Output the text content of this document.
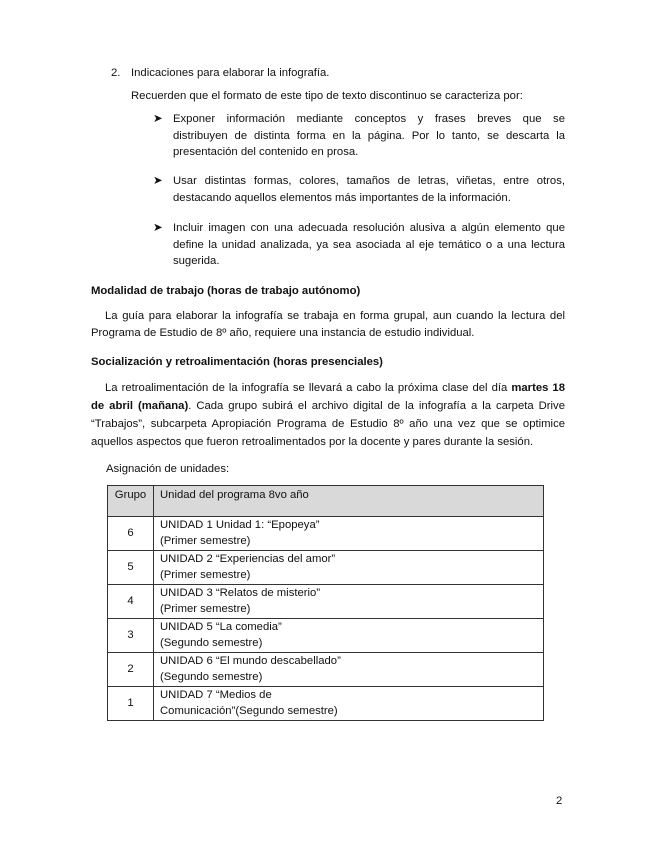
2. Indicaciones para elaborar la infografía.

Recuerden que el formato de este tipo de texto discontinuo se caracteriza por:

➤ Exponer información mediante conceptos y frases breves que se
distribuyen de distinta forma en la página. Por lo tanto, se descarta la
presentación del contenido en prosa.
➤ Usar distintas formas, colores, tamaños de letras, viñetas, entre otros,
destacando aquellos elementos más importantes de la información.
➤ Incluir imagen con una adecuada resolución alusiva a algún elemento que
define la unidad analizada, ya sea asociada al eje temático o a una lectura
sugerida.

Modalidad de trabajo (horas de trabajo autónomo)

La guía para elaborar la infografía se trabaja en forma grupal, aun cuando la lectura del

Programa de Estudio de 8º año, requiere una instancia de estudio individual.

Socialización y retroalimentación (horas presenciales)

La retroalimentación de la infografía se llevará a cabo la próxima clase del día martes 18

de abril (mañana). Cada grupo subirá el archivo digital de la infografía a la carpeta Drive

“Trabajos”, subcarpeta Apropiación Programa de Estudio 8º año una vez que se optimice

aquellos aspectos que fueron retroalimentados por la docente y pares durante la sesión.

Asignación de unidades:

Grupo	Unidad del programa 8vo año
6	UNIDAD 1 Unidad 1: “Epopeya”
(Primer semestre)

5	UNIDAD 2 “Experiencias del amor”
(Primer semestre)

4	UNIDAD 3 “Relatos de misterio”
(Primer semestre)

3	UNIDAD 5 “La comedia”
(Segundo semestre)

2	UNIDAD 6 “El mundo descabellado”
(Segundo semestre)

1	UNIDAD 7 “Medios de
Comunicación”(Segundo semestre)
2
